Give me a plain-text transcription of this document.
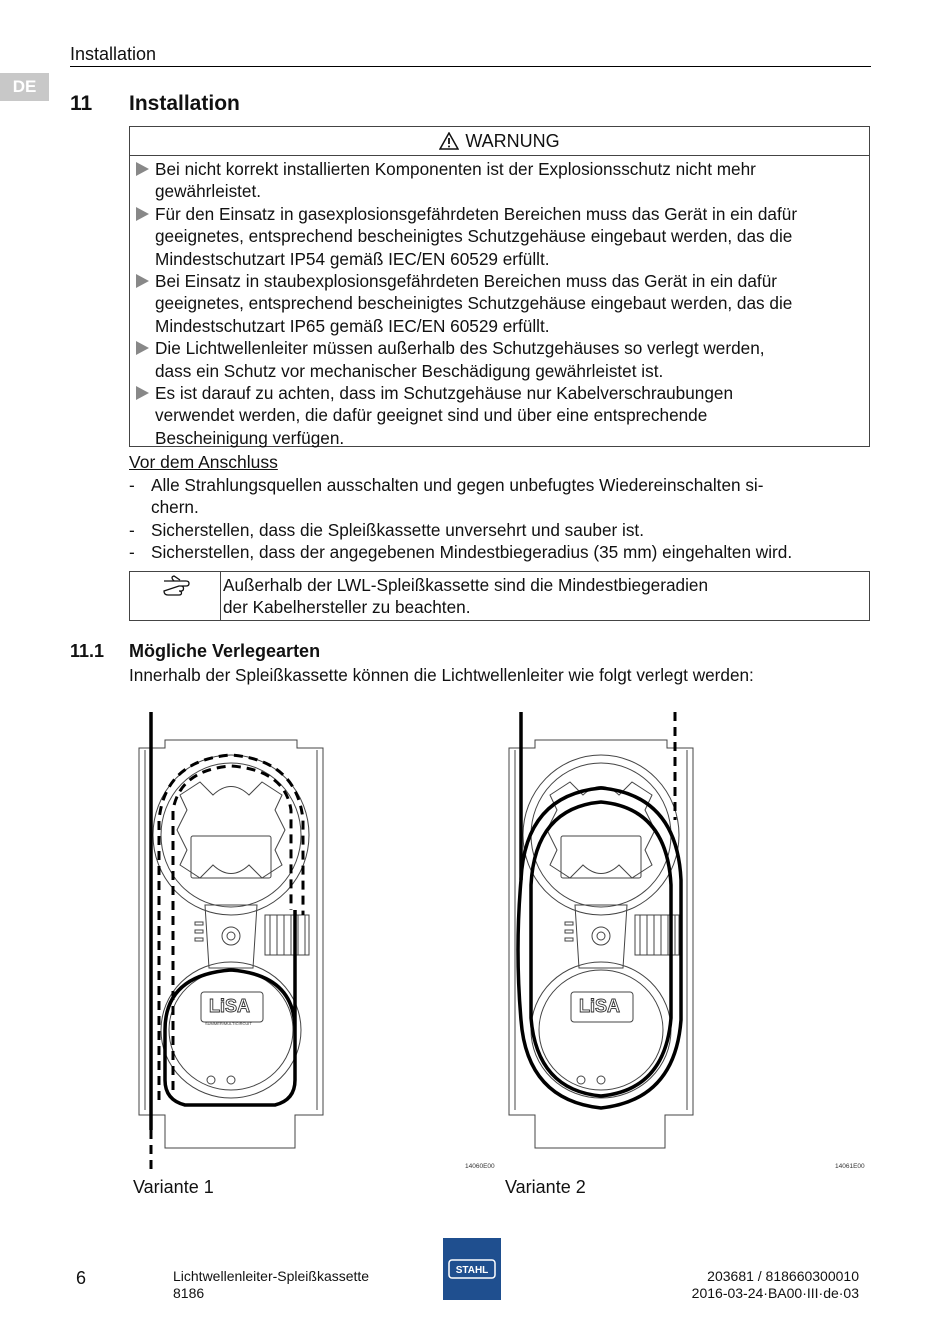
Installation
DE
11 Installation
WARNUNG
Bei nicht korrekt installierten Komponenten ist der Explosionsschutz nicht mehr
gewährleistet.
Für den Einsatz in gasexplosionsgefährdeten Bereichen muss das Gerät in ein dafür
geeignetes, entsprechend bescheinigtes Schutzgehäuse eingebaut werden, das die
Mindestschutzart IP54 gemäß IEC/EN 60529 erfüllt.
Bei Einsatz in staubexplosionsgefährdeten Bereichen muss das Gerät in ein dafür
geeignetes, entsprechend bescheinigtes Schutzgehäuse eingebaut werden, das die
Mindestschutzart IP65 gemäß IEC/EN 60529 erfüllt.
Die Lichtwellenleiter müssen außerhalb des Schutzgehäuses so verlegt werden,
dass ein Schutz vor mechanischer Beschädigung gewährleistet ist.
Es ist darauf zu achten, dass im Schutzgehäuse nur Kabelverschraubungen
verwendet werden, die dafür geeignet sind und über eine entsprechende
Bescheinigung verfügen.
Vor dem Anschluss
- Alle Strahlungsquellen ausschalten und gegen unbefugtes Wiedereinschalten si-
chern.
- Sicherstellen, dass die Spleißkassette unversehrt und sauber ist.
- Sicherstellen, dass der angegebenen Mindestbiegeradius (35 mm) eingehalten wird.
Außerhalb der LWL-Spleißkassette sind die Mindestbiegeradien
der Kabelhersteller zu beachten.
11.1 Mögliche Verlegearten
Innerhalb der Spleißkassette können die Lichtwellenleiter wie folgt verlegt werden:
LiSA
SUMMER/MULTICIRCUIT
14060E00
LiSA
14061E00
Variante 1	Variante 2
6	Lichtwellenleiter-Spleißkassette
8186
STAHL	203681 / 818660300010
2016-03-24·BA00·III·de·03
